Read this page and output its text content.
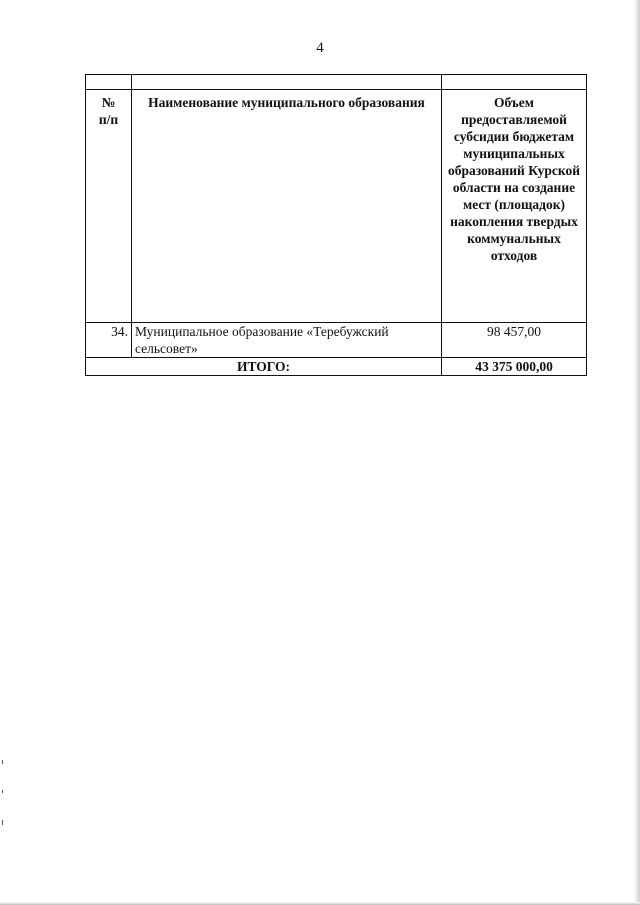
4

№
п/п	Наименование муниципального образования	Объем предоставляемой субсидии бюджетам муниципальных образований Курской области на создание мест (площадок) накопления твердых коммунальных отходов
34.	Муниципальное образование «Теребужский сельсовет»	98 457,00
ИТОГО:		43 375 000,00
